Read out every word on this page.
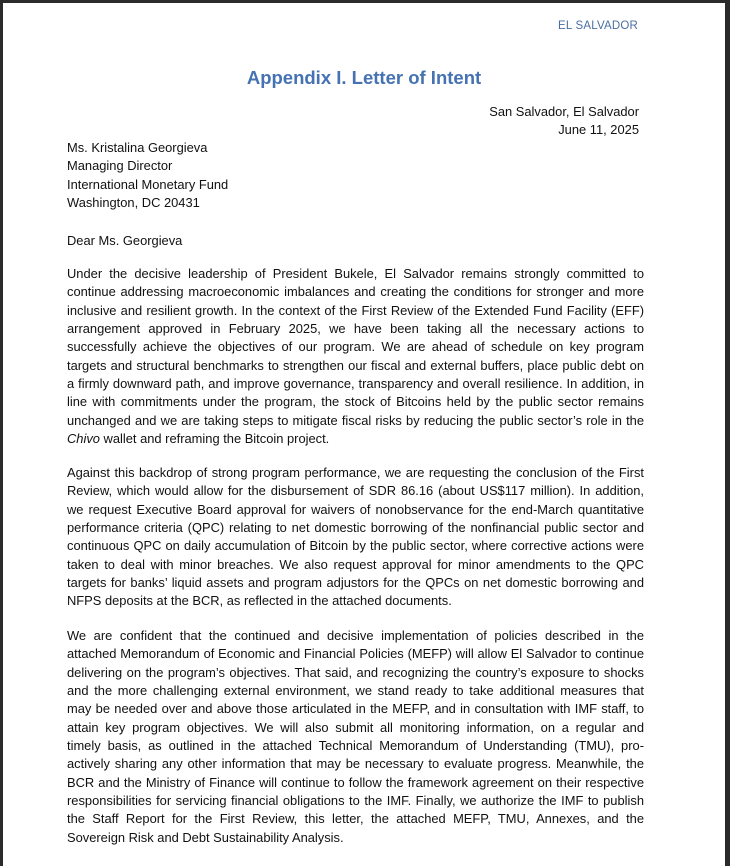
EL SALVADOR
Appendix I. Letter of Intent
San Salvador, El Salvador
June 11, 2025
Ms. Kristalina Georgieva
Managing Director
International Monetary Fund
Washington, DC 20431
Dear Ms. Georgieva

Under the decisive leadership of President Bukele, El Salvador remains strongly committed to
continue addressing macroeconomic imbalances and creating the conditions for stronger and more
inclusive and resilient growth. In the context of the First Review of the Extended Fund Facility (EFF)
arrangement approved in February 2025, we have been taking all the necessary actions to
successfully achieve the objectives of our program. We are ahead of schedule on key program
targets and structural benchmarks to strengthen our fiscal and external buffers, place public debt on
a firmly downward path, and improve governance, transparency and overall resilience. In addition, in
line with commitments under the program, the stock of Bitcoins held by the public sector remains
unchanged and we are taking steps to mitigate fiscal risks by reducing the public sector’s role in the
Chivo wallet and reframing the Bitcoin project.

Against this backdrop of strong program performance, we are requesting the conclusion of the First
Review, which would allow for the disbursement of SDR 86.16 (about US$117 million). In addition,
we request Executive Board approval for waivers of nonobservance for the end-March quantitative
performance criteria (QPC) relating to net domestic borrowing of the nonfinancial public sector and
continuous QPC on daily accumulation of Bitcoin by the public sector, where corrective actions were
taken to deal with minor breaches. We also request approval for minor amendments to the QPC
targets for banks’ liquid assets and program adjustors for the QPCs on net domestic borrowing and
NFPS deposits at the BCR, as reflected in the attached documents.

We are confident that the continued and decisive implementation of policies described in the
attached Memorandum of Economic and Financial Policies (MEFP) will allow El Salvador to continue
delivering on the program’s objectives. That said, and recognizing the country’s exposure to shocks
and the more challenging external environment, we stand ready to take additional measures that
may be needed over and above those articulated in the MEFP, and in consultation with IMF staff, to
attain key program objectives. We will also submit all monitoring information, on a regular and
timely basis, as outlined in the attached Technical Memorandum of Understanding (TMU), pro-
actively sharing any other information that may be necessary to evaluate progress. Meanwhile, the
BCR and the Ministry of Finance will continue to follow the framework agreement on their respective
responsibilities for servicing financial obligations to the IMF. Finally, we authorize the IMF to publish
the Staff Report for the First Review, this letter, the attached MEFP, TMU, Annexes, and the
Sovereign Risk and Debt Sustainability Analysis.
